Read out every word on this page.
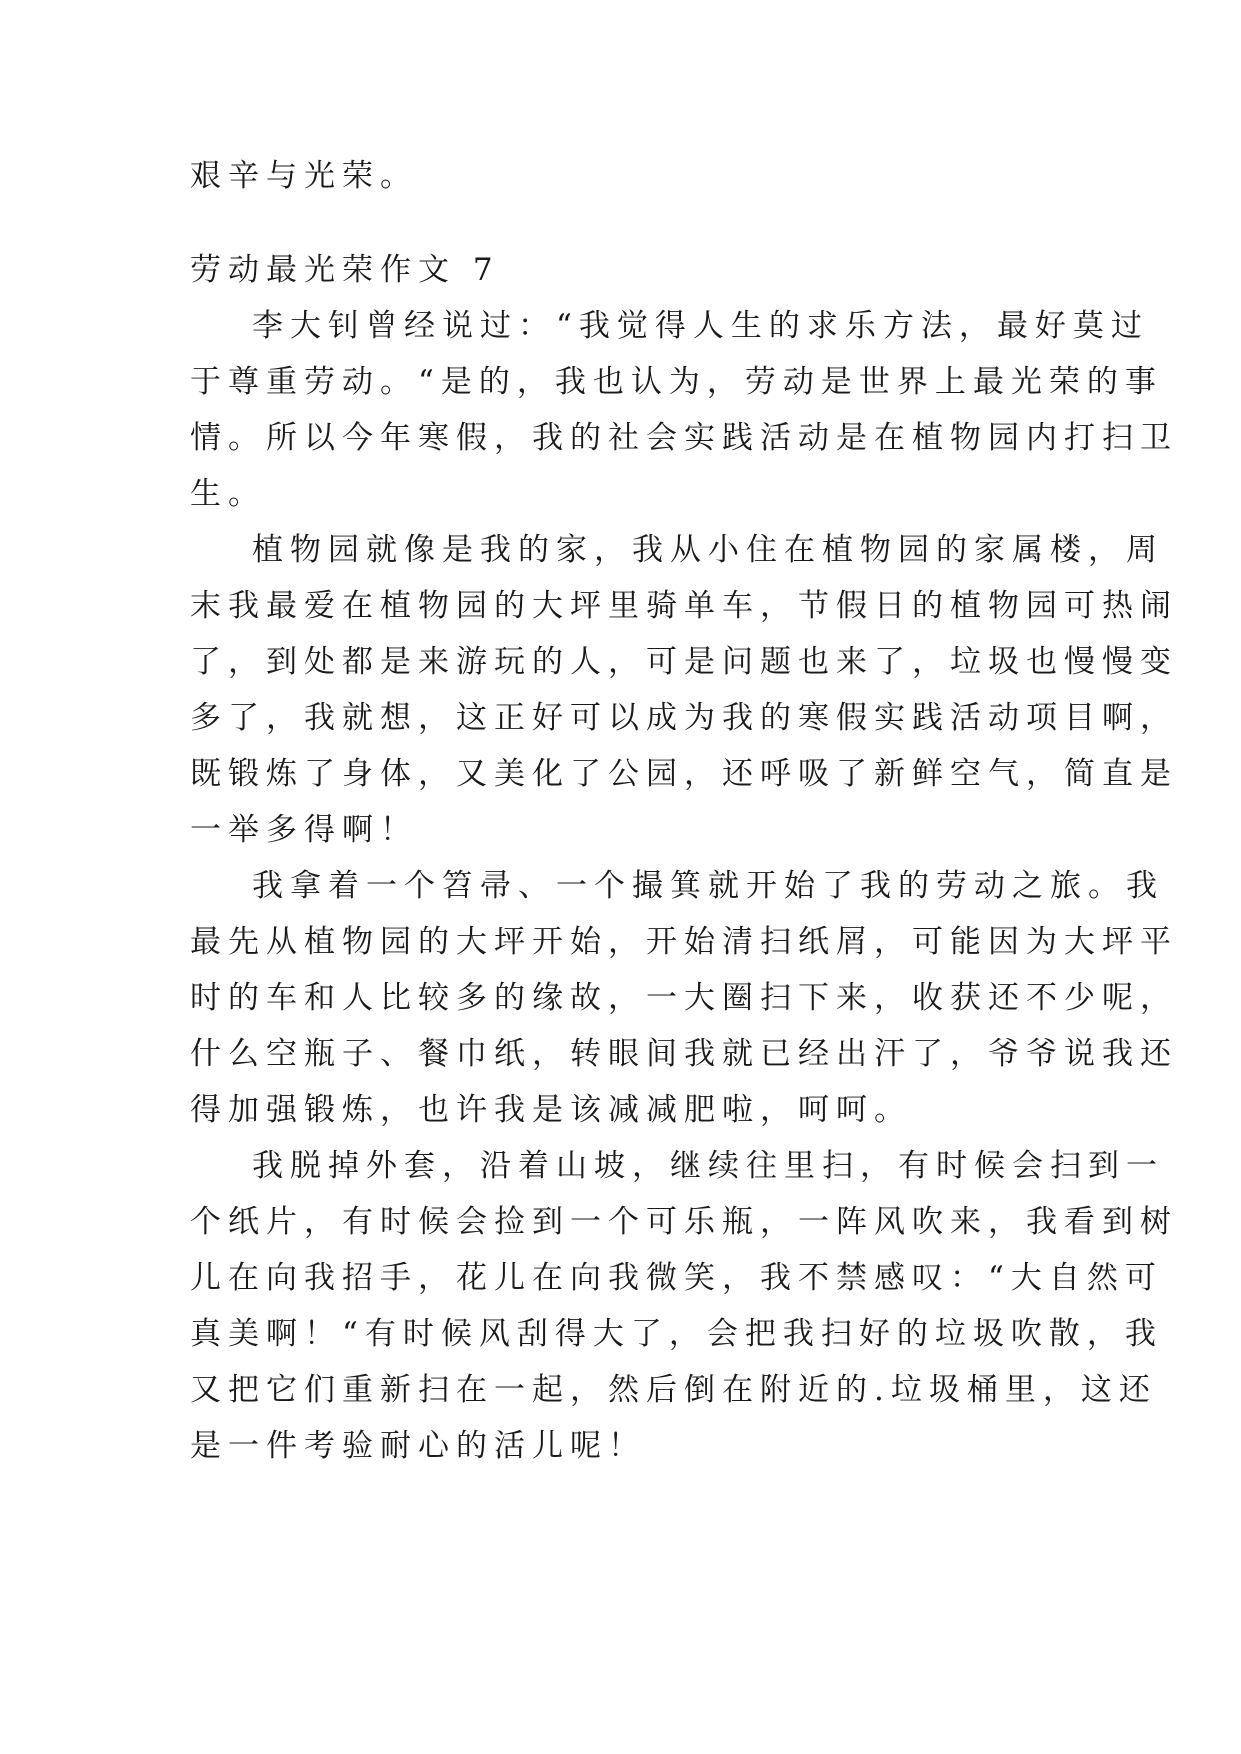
艰辛与光荣。
劳动最光荣作文 7
李大钊曾经说过：“我觉得人生的求乐方法，最好莫过
于尊重劳动。“是的，我也认为，劳动是世界上最光荣的事
情。所以今年寒假，我的社会实践活动是在植物园内打扫卫
生。
植物园就像是我的家，我从小住在植物园的家属楼，周
末我最爱在植物园的大坪里骑单车，节假日的植物园可热闹
了，到处都是来游玩的人，可是问题也来了，垃圾也慢慢变
多了，我就想，这正好可以成为我的寒假实践活动项目啊，
既锻炼了身体，又美化了公园，还呼吸了新鲜空气，简直是
一举多得啊！
我拿着一个笤帚、一个撮箕就开始了我的劳动之旅。我
最先从植物园的大坪开始，开始清扫纸屑，可能因为大坪平
时的车和人比较多的缘故，一大圈扫下来，收获还不少呢，
什么空瓶子、餐巾纸，转眼间我就已经出汗了，爷爷说我还
得加强锻炼，也许我是该减减肥啦，呵呵。
我脱掉外套，沿着山坡，继续往里扫，有时候会扫到一
个纸片，有时候会捡到一个可乐瓶，一阵风吹来，我看到树
儿在向我招手，花儿在向我微笑，我不禁感叹：“大自然可
真美啊！“有时候风刮得大了，会把我扫好的垃圾吹散，我
又把它们重新扫在一起，然后倒在附近的.垃圾桶里，这还
是一件考验耐心的活儿呢！
